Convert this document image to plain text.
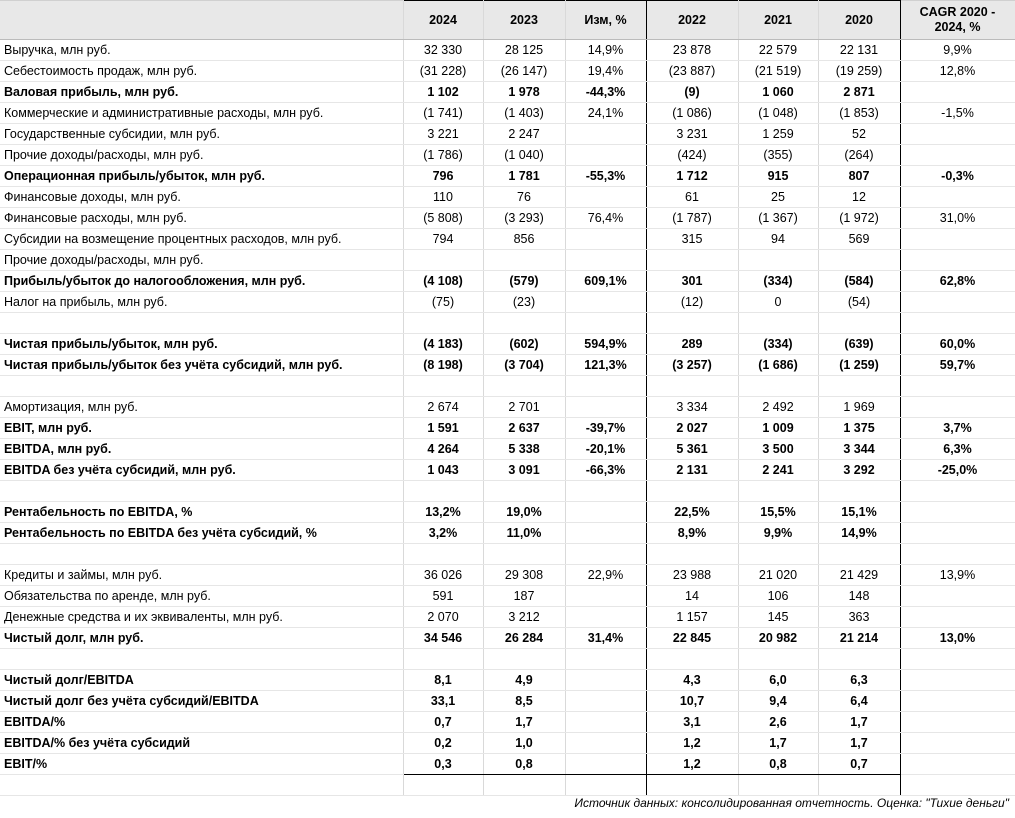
	2024	2023	Изм, %	2022	2021	2020	CAGR 2020 - 2024, %
Выручка, млн руб.	32 330	28 125	14,9%	23 878	22 579	22 131	9,9%
Себестоимость продаж, млн руб.	(31 228)	(26 147)	19,4%	(23 887)	(21 519)	(19 259)	12,8%
Валовая прибыль, млн руб.	1 102	1 978	-44,3%	(9)	1 060	2 871	
Коммерческие и административные расходы, млн руб.	(1 741)	(1 403)	24,1%	(1 086)	(1 048)	(1 853)	-1,5%
Государственные субсидии, млн руб.	3 221	2 247		3 231	1 259	52	
Прочие доходы/расходы, млн руб.	(1 786)	(1 040)		(424)	(355)	(264)	
Операционная прибыль/убыток, млн руб.	796	1 781	-55,3%	1 712	915	807	-0,3%
Финансовые доходы, млн руб.	110	76		61	25	12	
Финансовые расходы, млн руб.	(5 808)	(3 293)	76,4%	(1 787)	(1 367)	(1 972)	31,0%
Субсидии на возмещение процентных расходов, млн руб.	794	856		315	94	569	
Прочие доходы/расходы, млн руб.							
Прибыль/убыток до налогообложения, млн руб.	(4 108)	(579)	609,1%	301	(334)	(584)	62,8%
Налог на прибыль, млн руб.	(75)	(23)		(12)	0	(54)	

Чистая прибыль/убыток, млн руб.	(4 183)	(602)	594,9%	289	(334)	(639)	60,0%
Чистая прибыль/убыток без учёта субсидий, млн руб.	(8 198)	(3 704)	121,3%	(3 257)	(1 686)	(1 259)	59,7%

Амортизация, млн руб.	2 674	2 701		3 334	2 492	1 969	
EBIT, млн руб.	1 591	2 637	-39,7%	2 027	1 009	1 375	3,7%
EBITDA, млн руб.	4 264	5 338	-20,1%	5 361	3 500	3 344	6,3%
EBITDA без учёта субсидий, млн руб.	1 043	3 091	-66,3%	2 131	2 241	3 292	-25,0%

Рентабельность по EBITDA, %	13,2%	19,0%		22,5%	15,5%	15,1%	
Рентабельность по EBITDA без учёта субсидий, %	3,2%	11,0%		8,9%	9,9%	14,9%	

Кредиты и займы, млн руб.	36 026	29 308	22,9%	23 988	21 020	21 429	13,9%
Обязательства по аренде, млн руб.	591	187		14	106	148	
Денежные средства и их эквиваленты, млн руб.	2 070	3 212		1 157	145	363	
Чистый долг, млн руб.	34 546	26 284	31,4%	22 845	20 982	21 214	13,0%

Чистый долг/EBITDA	8,1	4,9		4,3	6,0	6,3	
Чистый долг без учёта субсидий/EBITDA	33,1	8,5		10,7	9,4	6,4	
EBITDA/%	0,7	1,7		3,1	2,6	1,7	
EBITDA/% без учёта субсидий	0,2	1,0		1,2	1,7	1,7	
EBIT/%	0,3	0,8		1,2	0,8	0,7	

Источник данных: консолидированная отчетность. Оценка: "Тихие деньги"
